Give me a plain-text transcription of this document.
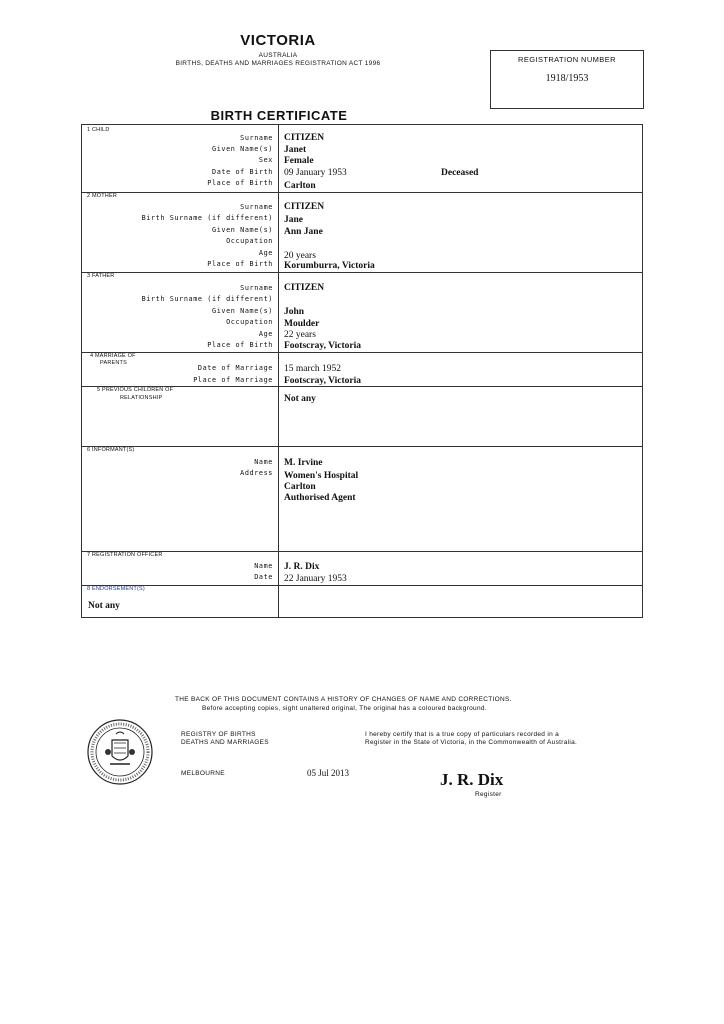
VICTORIA
AUSTRALIA
BIRTHS, DEATHS AND MARRIAGES REGISTRATION ACT 1996	REGISTRATION NUMBER
1918/1953
BIRTH CERTIFICATE
1 CHILD
Surname CITIZEN
Given Name(s) Janet
Sex Female
Date of Birth 09 January 1953	Deceased
Place of Birth Carlton
2 MOTHER
Surname CITIZEN
Birth Surname (if different) Jane
Given Name(s) Ann Jane
Occupation
Age 20 years
Place of Birth Korumburra, Victoria
3 FATHER
Surname CITIZEN
Birth Surname (if different)
Given Name(s) John
Occupation Moulder
Age 22 years
Place of Birth Footscray, Victoria
4 MARRIAGE OF
PARENTS
Date of Marriage 15 march 1952
Place of Marriage Footscray, Victoria
5 PREVIOUS CHILDREN OF
RELATIONSHIP	Not any
6 INFORMANT(S)
Name M. Irvine
Address Women's Hospital
Carlton
Authorised Agent
7 REGISTRATION OFFICER
Name J. R. Dix
Date 22 January 1953
8 ENDORSEMENT(S)
Not any
THE BACK OF THIS DOCUMENT CONTAINS A HISTORY OF CHANGES OF NAME AND CORRECTIONS.
Before accepting copies, sight unaltered original, The original has a coloured background.
REGISTRY OF BIRTHS
DEATHS AND MARRIAGES
I hereby certify that is a true copy of particulars recorded in a
Register in the State of Victoria, in the Commonwealth of Australia.
MELBOURNE	05 Jul 2013	J. R. Dix
Register
